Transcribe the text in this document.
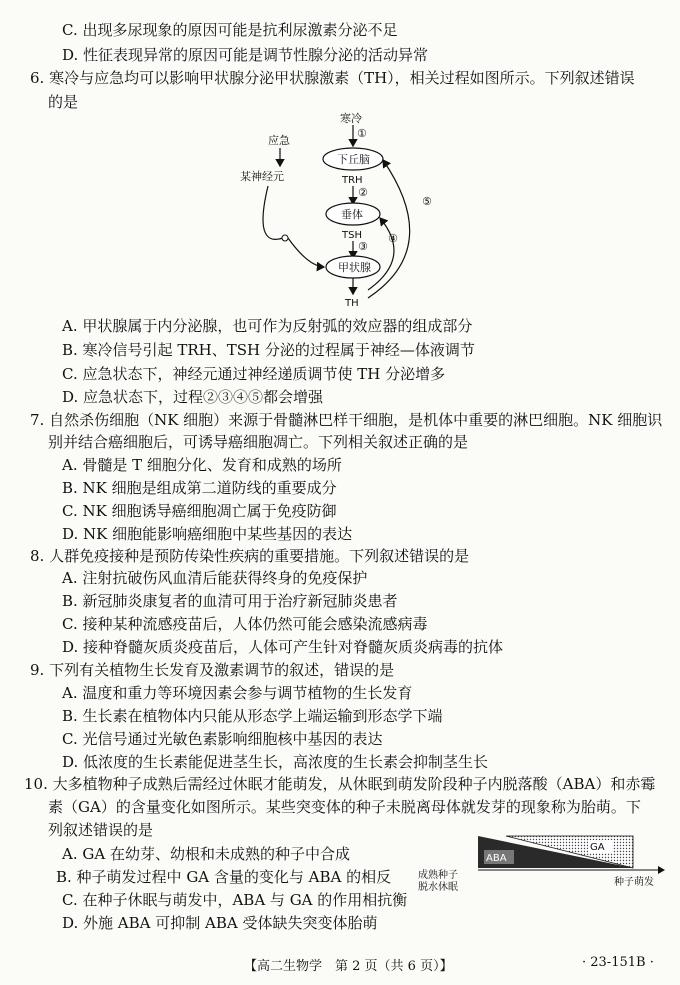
C. 出现多尿现象的原因可能是抗利尿激素分泌不足
D. 性征表现异常的原因可能是调节性腺分泌的活动异常
6. 寒冷与应急均可以影响甲状腺分泌甲状腺激素（TH），相关过程如图所示。下列叙述错误
的是
寒冷
①
下丘脑
TRH
②
垂体
TSH
③
甲状腺
TH
④
⑤
应急
某神经元
A. 甲状腺属于内分泌腺，也可作为反射弧的效应器的组成部分
B. 寒冷信号引起 TRH、TSH 分泌的过程属于神经—体液调节
C. 应急状态下，神经元通过神经递质调节使 TH 分泌增多
D. 应急状态下，过程②③④⑤都会增强
7. 自然杀伤细胞（NK 细胞）来源于骨髓淋巴样干细胞，是机体中重要的淋巴细胞。NK 细胞识
别并结合癌细胞后，可诱导癌细胞凋亡。下列相关叙述正确的是
A. 骨髓是 T 细胞分化、发育和成熟的场所
B. NK 细胞是组成第二道防线的重要成分
C. NK 细胞诱导癌细胞凋亡属于免疫防御
D. NK 细胞能影响癌细胞中某些基因的表达
8. 人群免疫接种是预防传染性疾病的重要措施。下列叙述错误的是
A. 注射抗破伤风血清后能获得终身的免疫保护
B. 新冠肺炎康复者的血清可用于治疗新冠肺炎患者
C. 接种某种流感疫苗后，人体仍然可能会感染流感病毒
D. 接种脊髓灰质炎疫苗后，人体可产生针对脊髓灰质炎病毒的抗体
9. 下列有关植物生长发育及激素调节的叙述，错误的是
A. 温度和重力等环境因素会参与调节植物的生长发育
B. 生长素在植物体内只能从形态学上端运输到形态学下端
C. 光信号通过光敏色素影响细胞核中基因的表达
D. 低浓度的生长素能促进茎生长，高浓度的生长素会抑制茎生长
10. 大多植物种子成熟后需经过休眠才能萌发，从休眠到萌发阶段种子内脱落酸（ABA）和赤霉
素（GA）的含量变化如图所示。某些突变体的种子未脱离母体就发芽的现象称为胎萌。下
列叙述错误的是
A. GA 在幼芽、幼根和未成熟的种子中合成
B. 种子萌发过程中 GA 含量的变化与 ABA 的相反
C. 在种子休眠与萌发中，ABA 与 GA 的作用相抗衡
D. 外施 ABA 可抑制 ABA 受体缺失突变体胎萌
ABA
GA
成熟种子
脱水休眠	种子萌发
【高二生物学　第 2 页（共 6 页）】	· 23-151B ·
